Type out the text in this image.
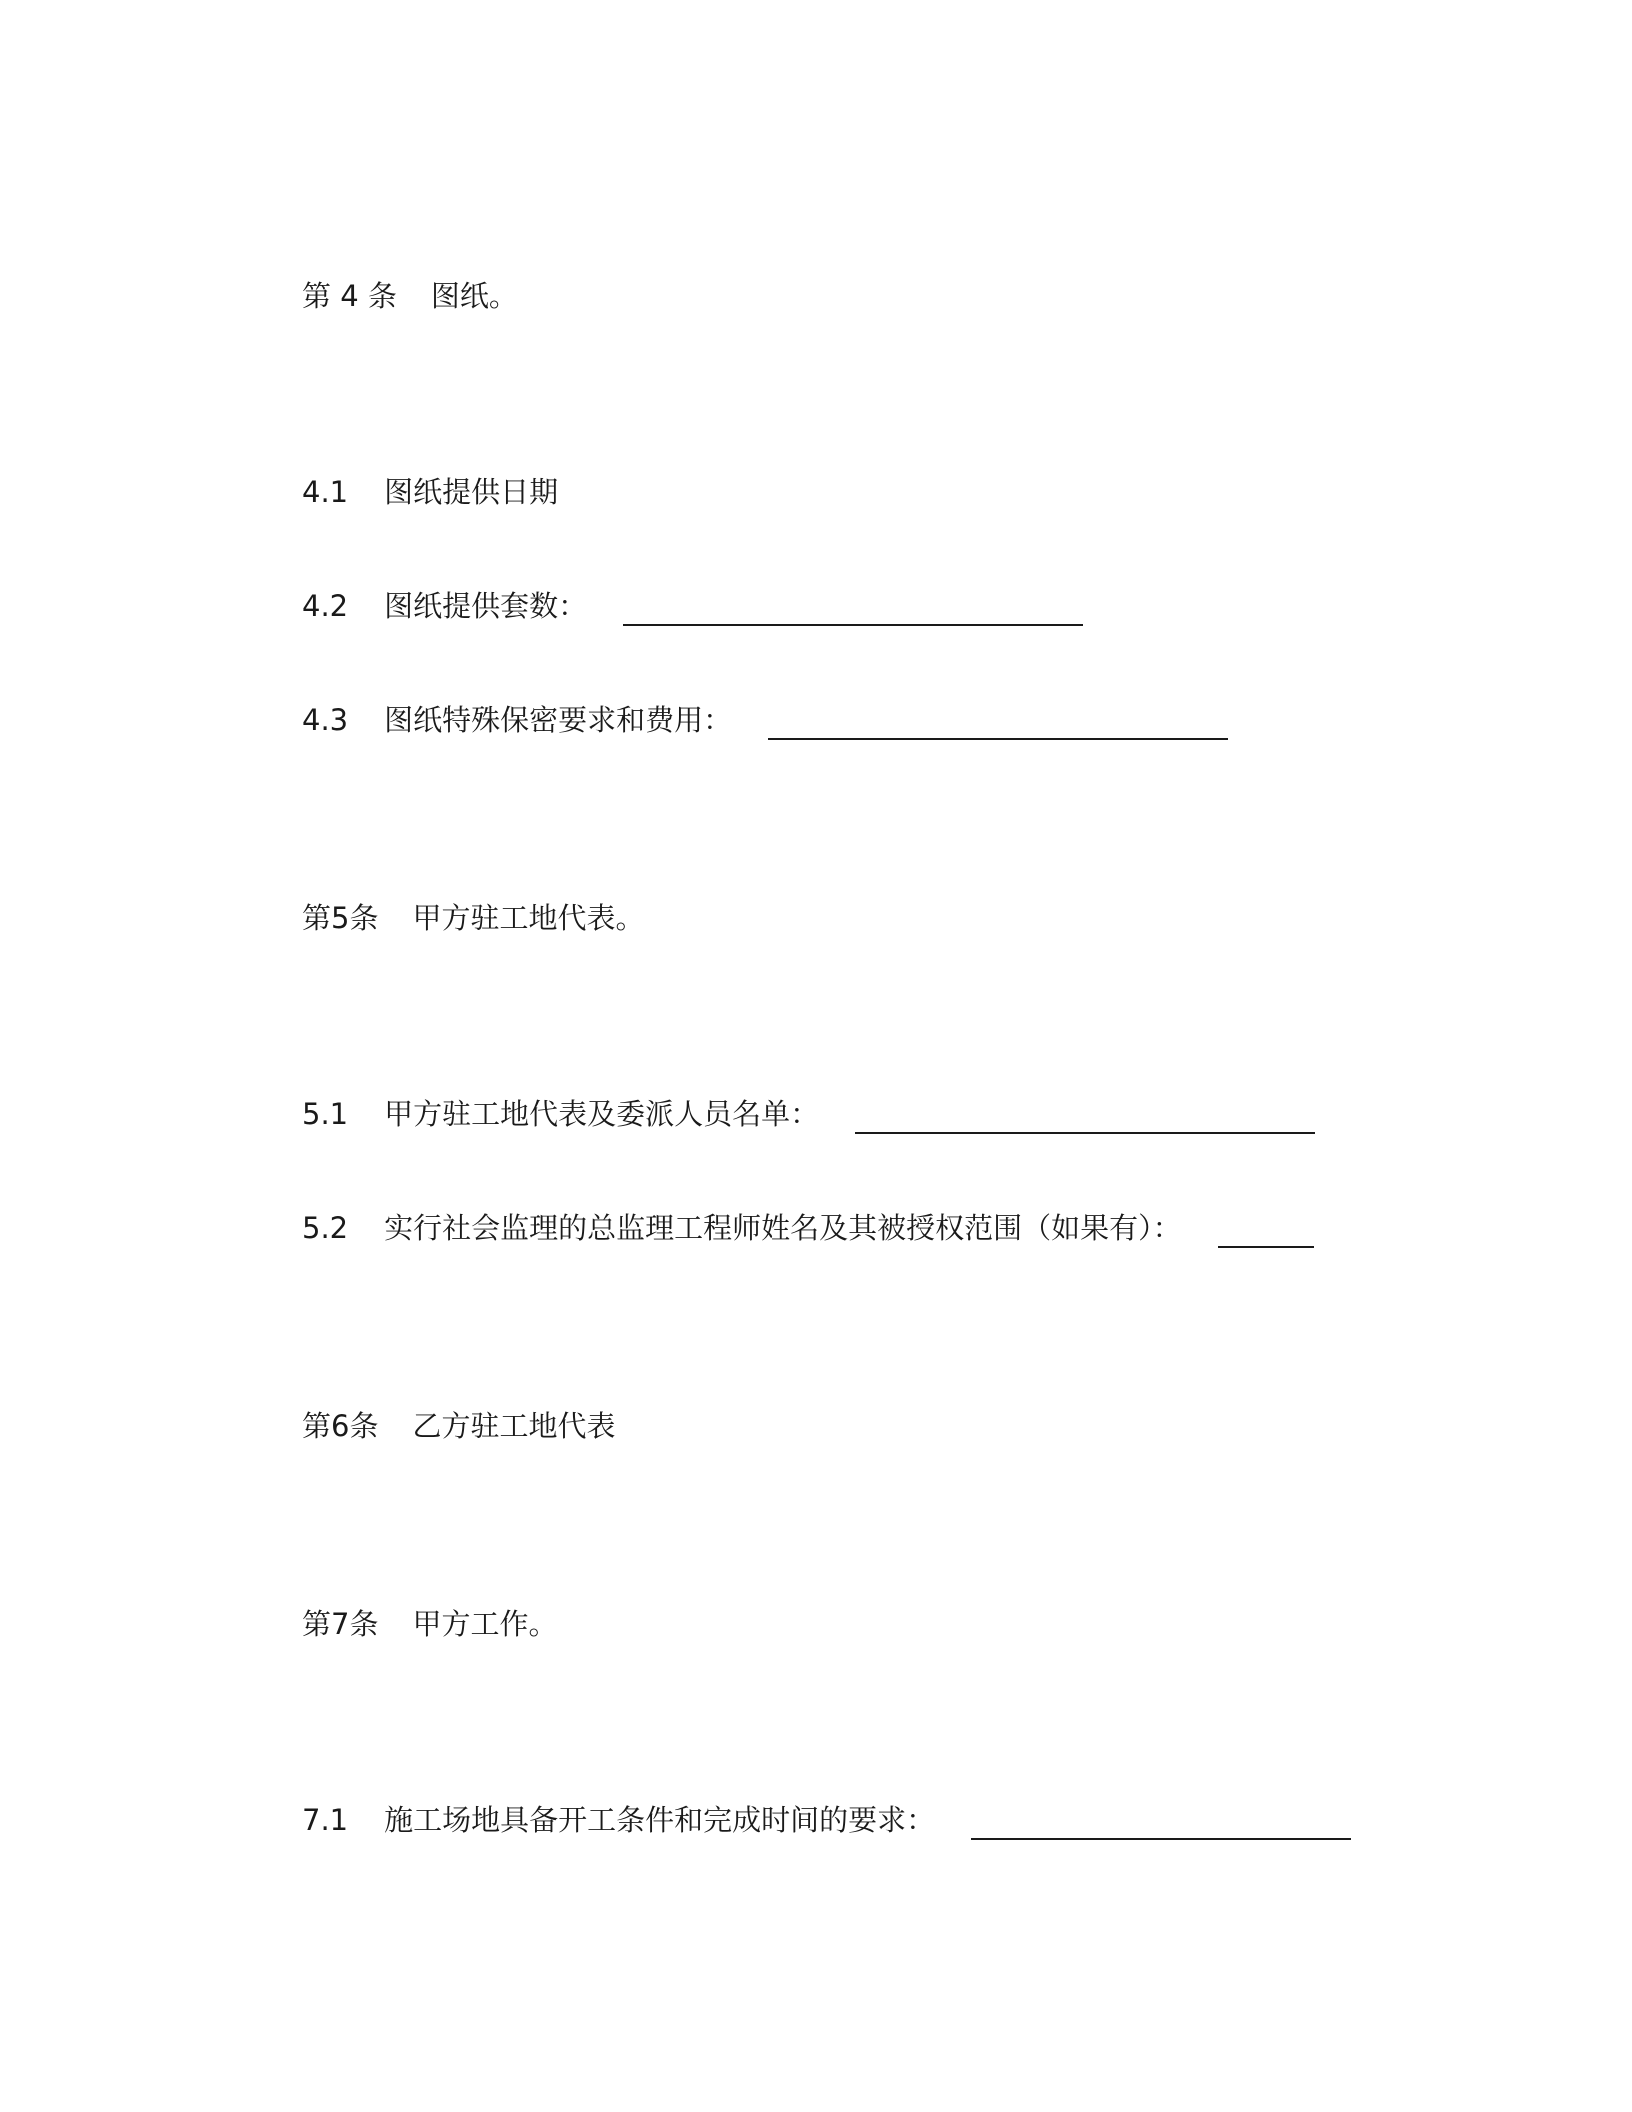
第 4 条 图纸。
4.1 图纸提供日期
4.2 图纸提供套数：
4.3 图纸特殊保密要求和费用：
第5条 甲方驻工地代表。
5.1 甲方驻工地代表及委派人员名单：
5.2 实行社会监理的总监理工程师姓名及其被授权范围（如果有）：
第6条 乙方驻工地代表
第7条 甲方工作。
7.1 施工场地具备开工条件和完成时间的要求：
